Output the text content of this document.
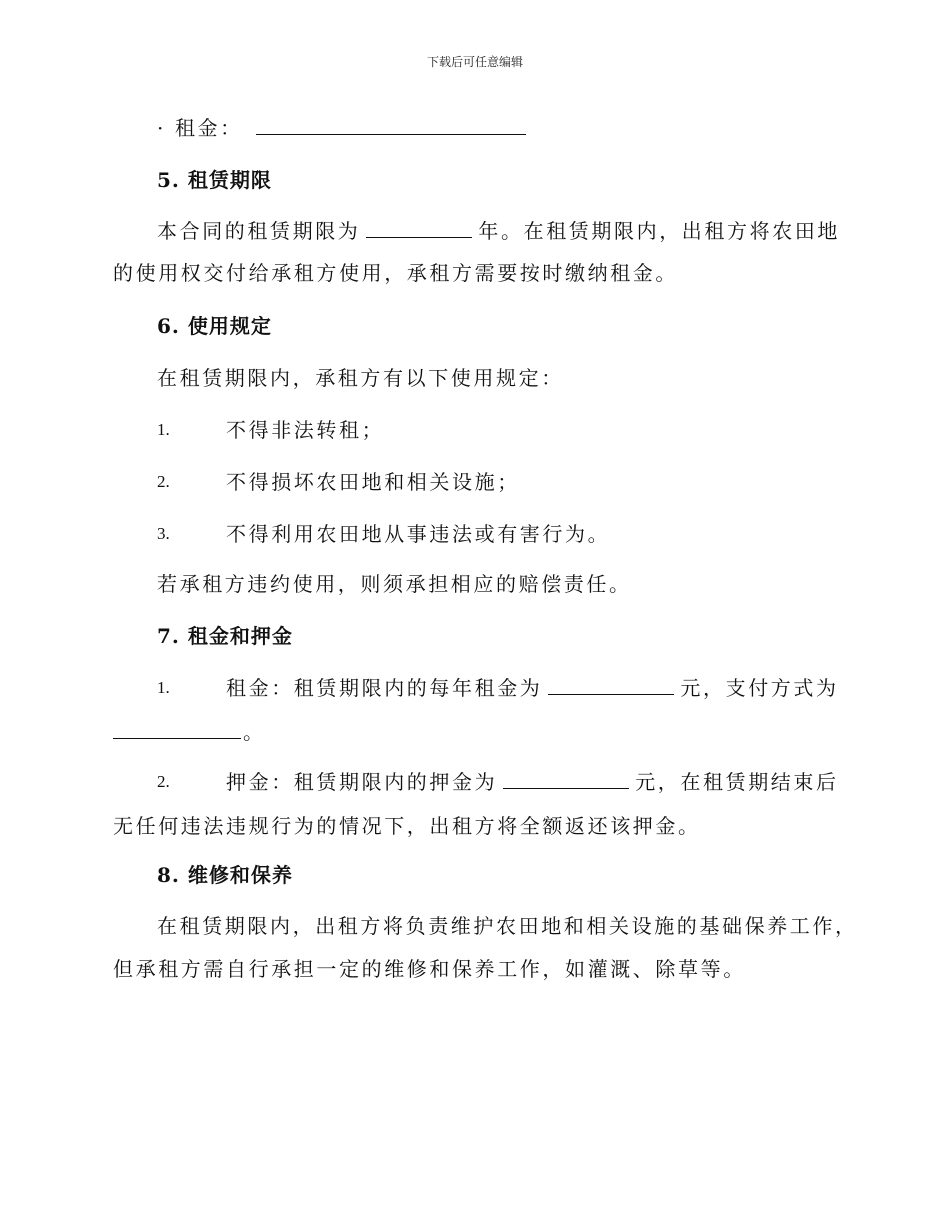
下载后可任意编辑
· 租金：
5. 租赁期限
本合同的租赁期限为	年。在租赁期限内，出租方将农田地
的使用权交付给承租方使用，承租方需要按时缴纳租金。
6. 使用规定
在租赁期限内，承租方有以下使用规定：
1.	不得非法转租；
2.	不得损坏农田地和相关设施；
3.	不得利用农田地从事违法或有害行为。
若承租方违约使用，则须承担相应的赔偿责任。
7. 租金和押金
1.	租金：租赁期限内的每年租金为	元，支付方式为
。
2.	押金：租赁期限内的押金为	元，在租赁期结束后
无任何违法违规行为的情况下，出租方将全额返还该押金。
8. 维修和保养
在租赁期限内，出租方将负责维护农田地和相关设施的基础保养工作，
但承租方需自行承担一定的维修和保养工作，如灌溉、除草等。
